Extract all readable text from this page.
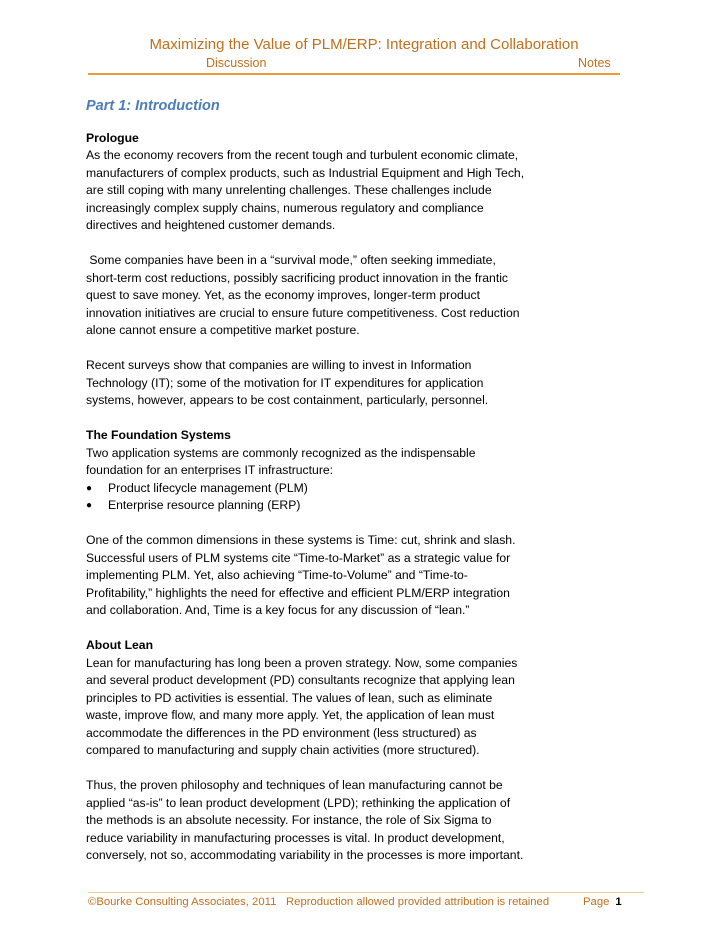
Maximizing the Value of PLM/ERP: Integration and Collaboration
Discussion	Notes
Part 1: Introduction
Prologue

As the economy recovers from the recent tough and turbulent economic climate, manufacturers of complex products, such as Industrial Equipment and High Tech, are still coping with many unrelenting challenges. These challenges include increasingly complex supply chains, numerous regulatory and compliance directives and heightened customer demands.

Some companies have been in a “survival mode,” often seeking immediate, short-term cost reductions, possibly sacrificing product innovation in the frantic quest to save money. Yet, as the economy improves, longer-term product innovation initiatives are crucial to ensure future competitiveness. Cost reduction alone cannot ensure a competitive market posture.

Recent surveys show that companies are willing to invest in Information Technology (IT); some of the motivation for IT expenditures for application systems, however, appears to be cost containment, particularly, personnel.

The Foundation Systems
Two application systems are commonly recognized as the indispensable foundation for an enterprises IT infrastructure:
● Product lifecycle management (PLM)
● Enterprise resource planning (ERP)

One of the common dimensions in these systems is Time: cut, shrink and slash. Successful users of PLM systems cite “Time-to-Market” as a strategic value for implementing PLM. Yet, also achieving “Time-to-Volume” and “Time-to-Profitability,” highlights the need for effective and efficient PLM/ERP integration and collaboration. And, Time is a key focus for any discussion of “lean.”

About Lean

Lean for manufacturing has long been a proven strategy. Now, some companies and several product development (PD) consultants recognize that applying lean principles to PD activities is essential. The values of lean, such as eliminate waste, improve flow, and many more apply. Yet, the application of lean must accommodate the differences in the PD environment (less structured) as compared to manufacturing and supply chain activities (more structured).

Thus, the proven philosophy and techniques of lean manufacturing cannot be applied “as-is” to lean product development (LPD); rethinking the application of the methods is an absolute necessity. For instance, the role of Six Sigma to reduce variability in manufacturing processes is vital. In product development, conversely, not so, accommodating variability in the processes is more important.

©Bourke Consulting Associates, 2011 Reproduction allowed provided attribution is retained	Page 1
